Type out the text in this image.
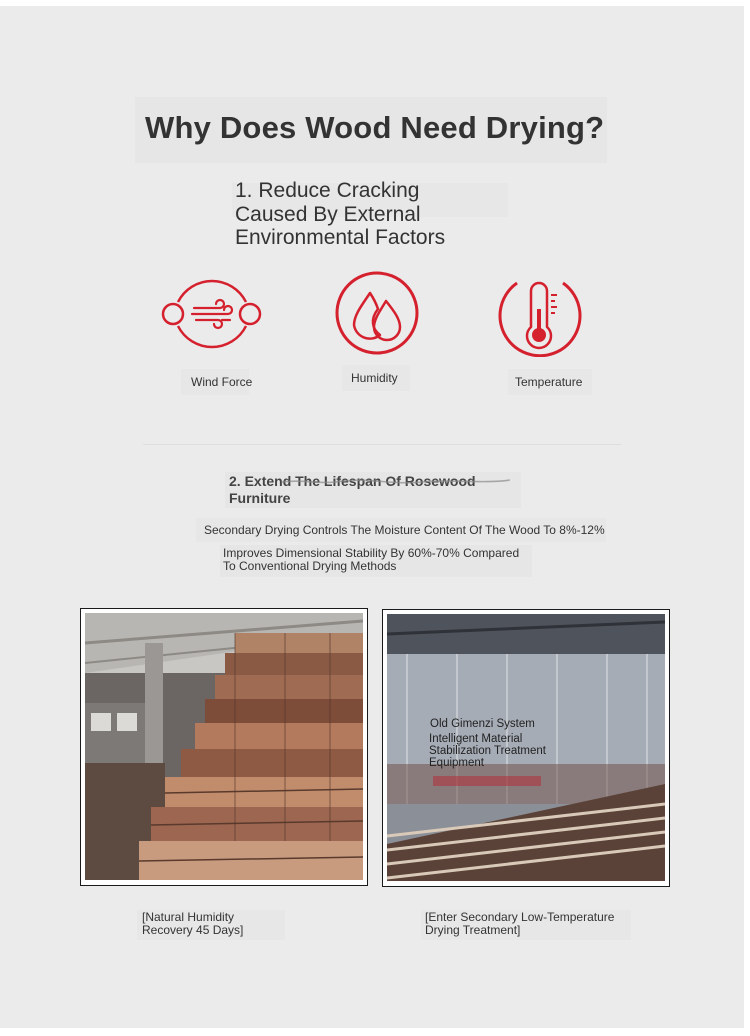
Why Does Wood Need Drying?
1. Reduce Cracking Caused By External Environmental Factors
Wind Force	Humidity	Temperature
2. Extend The Lifespan Of Rosewood Furniture
Secondary Drying Controls The Moisture Content Of The Wood To 8%-12%
Improves Dimensional Stability By 60%-70% Compared To Conventional Drying Methods
Old Gimenzi System
Intelligent Material Stabilization Treatment Equipment
[Natural Humidity Recovery 45 Days]
[Enter Secondary Low-Temperature Drying Treatment]
